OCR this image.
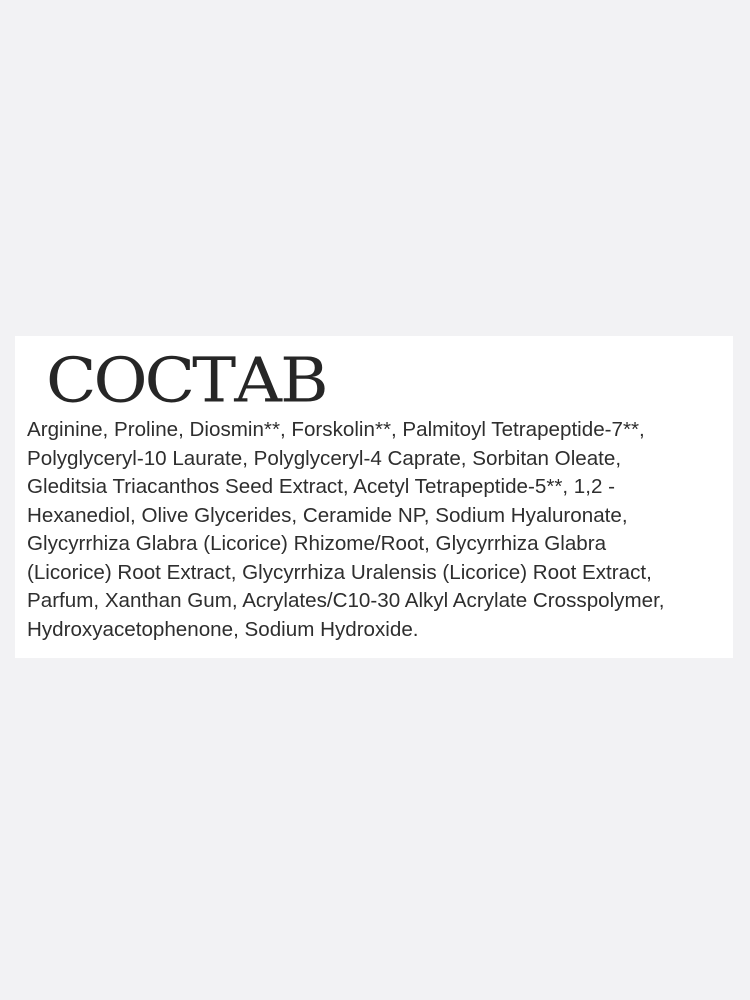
СОСТАВ

Arginine, Proline, Diosmin**, Forskolin**, Palmitoyl Tetrapeptide-7**,
Polyglyceryl-10 Laurate, Polyglyceryl-4 Caprate, Sorbitan Oleate,
Gleditsia Triacanthos Seed Extract, Acetyl Tetrapeptide-5**, 1,2 -
Hexanediol, Olive Glycerides, Ceramide NP, Sodium Hyaluronate,
Glycyrrhiza Glabra (Licorice) Rhizome/Root, Glycyrrhiza Glabra
(Licorice) Root Extract, Glycyrrhiza Uralensis (Licorice) Root Extract,
Parfum, Xanthan Gum, Acrylates/C10-30 Alkyl Acrylate Crosspolymer,
Hydroxyacetophenone, Sodium Hydroxide.
